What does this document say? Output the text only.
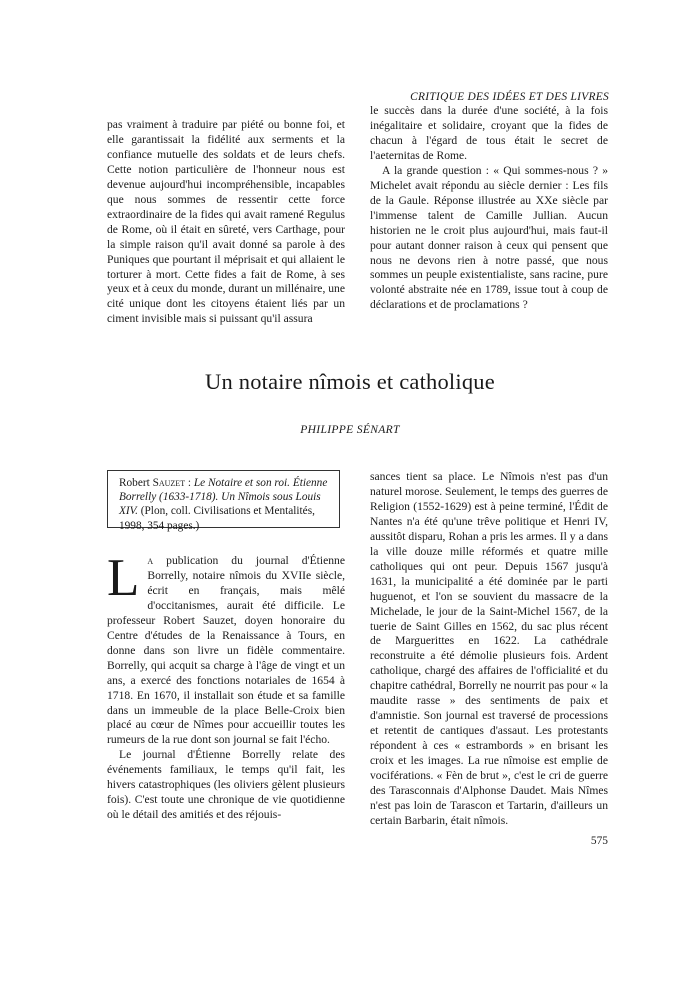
CRITIQUE DES IDÉES ET DES LIVRES

pas vraiment à traduire par piété ou bonne foi, et elle garantissait la fidélité aux serments et la confiance mutuelle des soldats et de leurs chefs. Cette notion particulière de l'honneur nous est devenue aujourd'hui incompréhensible, incapables que nous sommes de ressentir cette force extraordinaire de la fides qui avait ramené Regulus de Rome, où il était en sûreté, vers Carthage, pour la simple raison qu'il avait donné sa parole à des Puniques que pourtant il méprisait et qui allaient le torturer à mort. Cette fides a fait de Rome, à ses yeux et à ceux du monde, durant un millénaire, une cité unique dont les citoyens étaient liés par un ciment invisible mais si puissant qu'il assura

le succès dans la durée d'une société, à la fois inégalitaire et solidaire, croyant que la fides de chacun à l'égard de tous était le secret de l'aeternitas de Rome.

A la grande question : « Qui sommes-nous ? » Michelet avait répondu au siècle dernier : Les fils de la Gaule. Réponse illustrée au XXe siècle par l'immense talent de Camille Jullian. Aucun historien ne le croit plus aujourd'hui, mais faut-il pour autant donner raison à ceux qui pensent que nous ne devons rien à notre passé, que nous sommes un peuple existentialiste, sans racine, pure volonté abstraite née en 1789, issue tout à coup de déclarations et de proclamations ?

Un notaire nîmois et catholique
PHILIPPE SÉNART
Robert Sauzet : Le Notaire et son roi. Étienne Borrelly (1633-1718). Un Nîmois sous Louis XIV. (Plon, coll. Civilisations et Mentalités, 1998, 354 pages.)

La publication du journal d'Étienne Borrelly, notaire nîmois du XVIIe siècle, écrit en français, mais mêlé d'occitanismes, aurait été difficile. Le professeur Robert Sauzet, doyen honoraire du Centre d'études de la Renaissance à Tours, en donne dans son livre un fidèle commentaire. Borrelly, qui acquit sa charge à l'âge de vingt et un ans, a exercé des fonctions notariales de 1654 à 1718. En 1670, il installait son étude et sa famille dans un immeuble de la place Belle-Croix bien placé au cœur de Nîmes pour accueillir toutes les rumeurs de la rue dont son journal se fait l'écho.

Le journal d'Étienne Borrelly relate des événements familiaux, le temps qu'il fait, les hivers catastrophiques (les oliviers gèlent plusieurs fois). C'est toute une chronique de vie quotidienne où le détail des amitiés et des réjouis-

sances tient sa place. Le Nîmois n'est pas d'un naturel morose. Seulement, le temps des guerres de Religion (1552-1629) est à peine terminé, l'Édit de Nantes n'a été qu'une trêve politique et Henri IV, aussitôt disparu, Rohan a pris les armes. Il y a dans la ville douze mille réformés et quatre mille catholiques qui ont peur. Depuis 1567 jusqu'à 1631, la municipalité a été dominée par le parti huguenot, et l'on se souvient du massacre de la Michelade, le jour de la Saint-Michel 1567, de la tuerie de Saint Gilles en 1562, du sac plus récent de Marguerittes en 1622. La cathédrale reconstruite a été démolie plusieurs fois. Ardent catholique, chargé des affaires de l'officialité et du chapitre cathédral, Borrelly ne nourrit pas pour « la maudite rasse » des sentiments de paix et d'amnistie. Son journal est traversé de processions et retentit de cantiques d'assaut. Les protestants répondent à ces « estrambords » en brisant les croix et les images. La rue nîmoise est emplie de vociférations. « Fèn de brut », c'est le cri de guerre des Tarasconnais d'Alphonse Daudet. Mais Nîmes n'est pas loin de Tarascon et Tartarin, d'ailleurs un certain Barbarin, était nîmois.

575
